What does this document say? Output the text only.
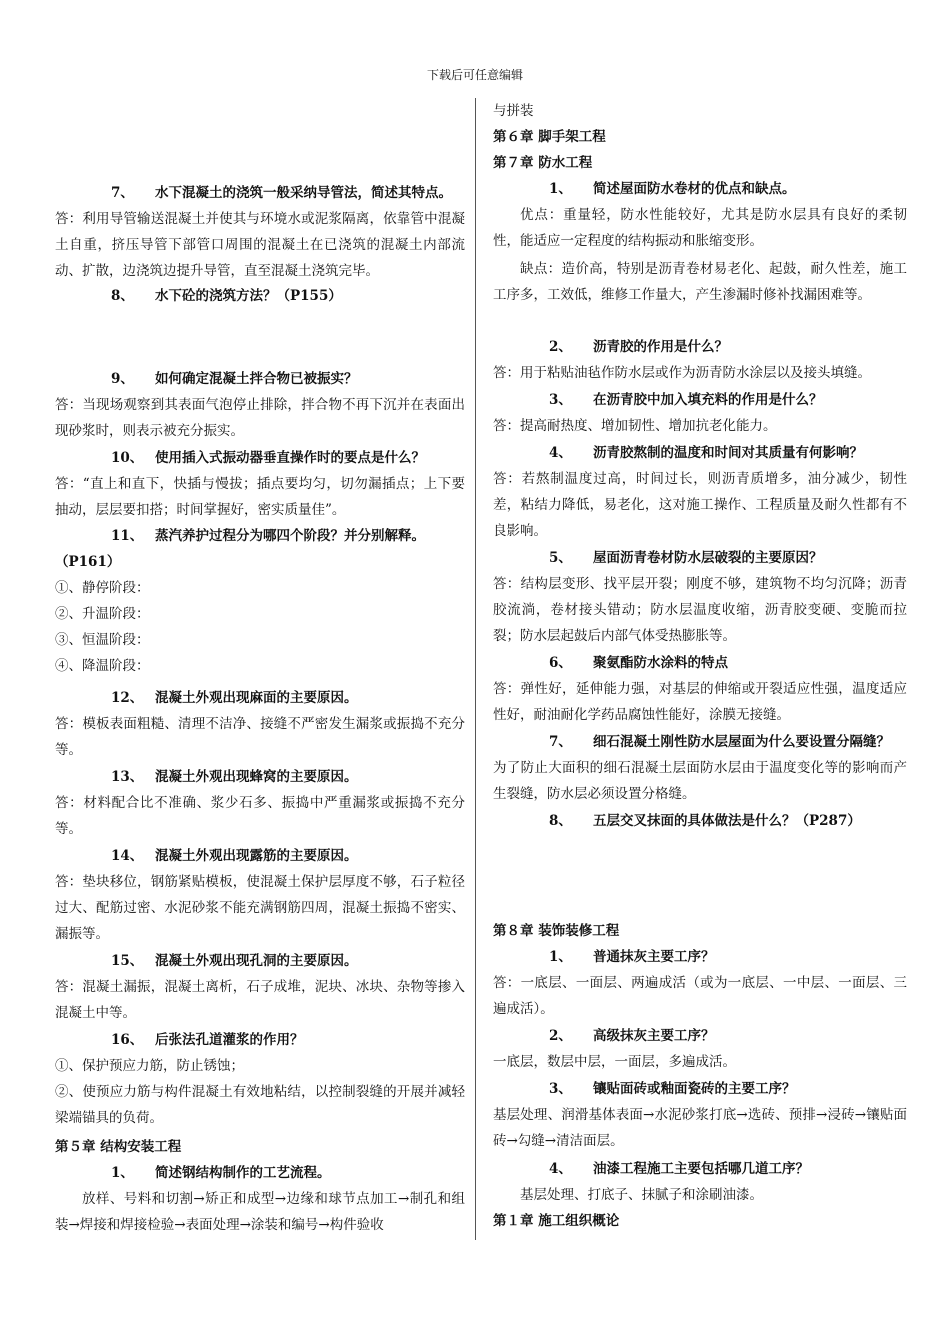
下载后可任意编辑
7、	水下混凝土的浇筑一般采纳导管法，简述其特点。
答：利用导管输送混凝土并使其与环境水或泥浆隔离，依靠管中混凝土自重，挤压导管下部管口周围的混凝土在已浇筑的混凝土内部流动、扩散，边浇筑边提升导管，直至混凝土浇筑完毕。
8、	水下砼的浇筑方法？（P155）
9、	如何确定混凝土拌合物已被振实？
答：当现场观察到其表面气泡停止排除，拌合物不再下沉并在表面出现砂浆时，则表示被充分振实。
10、 使用插入式振动器垂直操作时的要点是什么？
答：“直上和直下，快插与慢拔；插点要均匀，切勿漏插点；上下要抽动，层层要扣搭；时间掌握好，密实质量佳”。
11、 蒸汽养护过程分为哪四个阶段？并分别解释。（P161）
①、静停阶段：
②、升温阶段：
③、恒温阶段：
④、降温阶段：
12、 混凝土外观出现麻面的主要原因。
答：模板表面粗糙、清理不洁净、接缝不严密发生漏浆或振捣不充分等。
13、 混凝土外观出现蜂窝的主要原因。
答：材料配合比不准确、浆少石多、振捣中严重漏浆或振捣不充分等。
14、 混凝土外观出现露筋的主要原因。
答：垫块移位，钢筋紧贴模板，使混凝土保护层厚度不够，石子粒径过大、配筋过密、水泥砂浆不能充满钢筋四周，混凝土振捣不密实、漏振等。
15、 混凝土外观出现孔洞的主要原因。
答：混凝土漏振，混凝土离析，石子成堆，泥块、冰块、杂物等掺入混凝土中等。
16、 后张法孔道灌浆的作用？
①、保护预应力筋，防止锈蚀；
②、使预应力筋与构件混凝土有效地粘结，以控制裂缝的开展并减轻梁端锚具的负荷。
第５章 结构安装工程
1、	简述钢结构制作的工艺流程。
放样、号料和切割→矫正和成型→边缘和球节点加工→制孔和组装→焊接和焊接检验→表面处理→涂装和编号→构件验收
与拼装
第６章 脚手架工程
第７章 防水工程
1、	简述屋面防水卷材的优点和缺点。
优点：重量轻，防水性能较好，尤其是防水层具有良好的柔韧性，能适应一定程度的结构振动和胀缩变形。
缺点：造价高，特别是沥青卷材易老化、起鼓，耐久性差，施工工序多，工效低，维修工作量大，产生渗漏时修补找漏困难等。
2、	沥青胶的作用是什么？
答：用于粘贴油毡作防水层或作为沥青防水涂层以及接头填缝。
3、	在沥青胶中加入填充料的作用是什么？
答：提高耐热度、增加韧性、增加抗老化能力。
4、	沥青胶熬制的温度和时间对其质量有何影响？
答：若熬制温度过高，时间过长，则沥青质增多，油分减少，韧性差，粘结力降低，易老化，这对施工操作、工程质量及耐久性都有不良影响。
5、	屋面沥青卷材防水层破裂的主要原因？
答：结构层变形、找平层开裂；刚度不够，建筑物不均匀沉降；沥青胶流淌，卷材接头错动；防水层温度收缩，沥青胶变硬、变脆而拉裂；防水层起鼓后内部气体受热膨胀等。
6、	聚氨酯防水涂料的特点
答：弹性好，延伸能力强，对基层的伸缩或开裂适应性强，温度适应性好，耐油耐化学药品腐蚀性能好，涂膜无接缝。
7、	细石混凝土刚性防水层屋面为什么要设置分隔缝？
为了防止大面积的细石混凝土层面防水层由于温度变化等的影响而产生裂缝，防水层必须设置分格缝。
8、	五层交叉抹面的具体做法是什么？（P287）
第８章 装饰装修工程
1、	普通抹灰主要工序？
答：一底层、一面层、两遍成活（或为一底层、一中层、一面层、三遍成活）。
2、	高级抹灰主要工序？
一底层，数层中层，一面层，多遍成活。
3、	镶贴面砖或釉面瓷砖的主要工序？
基层处理、润滑基体表面→水泥砂浆打底→选砖、预排→浸砖→镶贴面砖→勾缝→清洁面层。
4、	油漆工程施工主要包括哪几道工序？
基层处理、打底子、抹腻子和涂刷油漆。
第１章 施工组织概论
